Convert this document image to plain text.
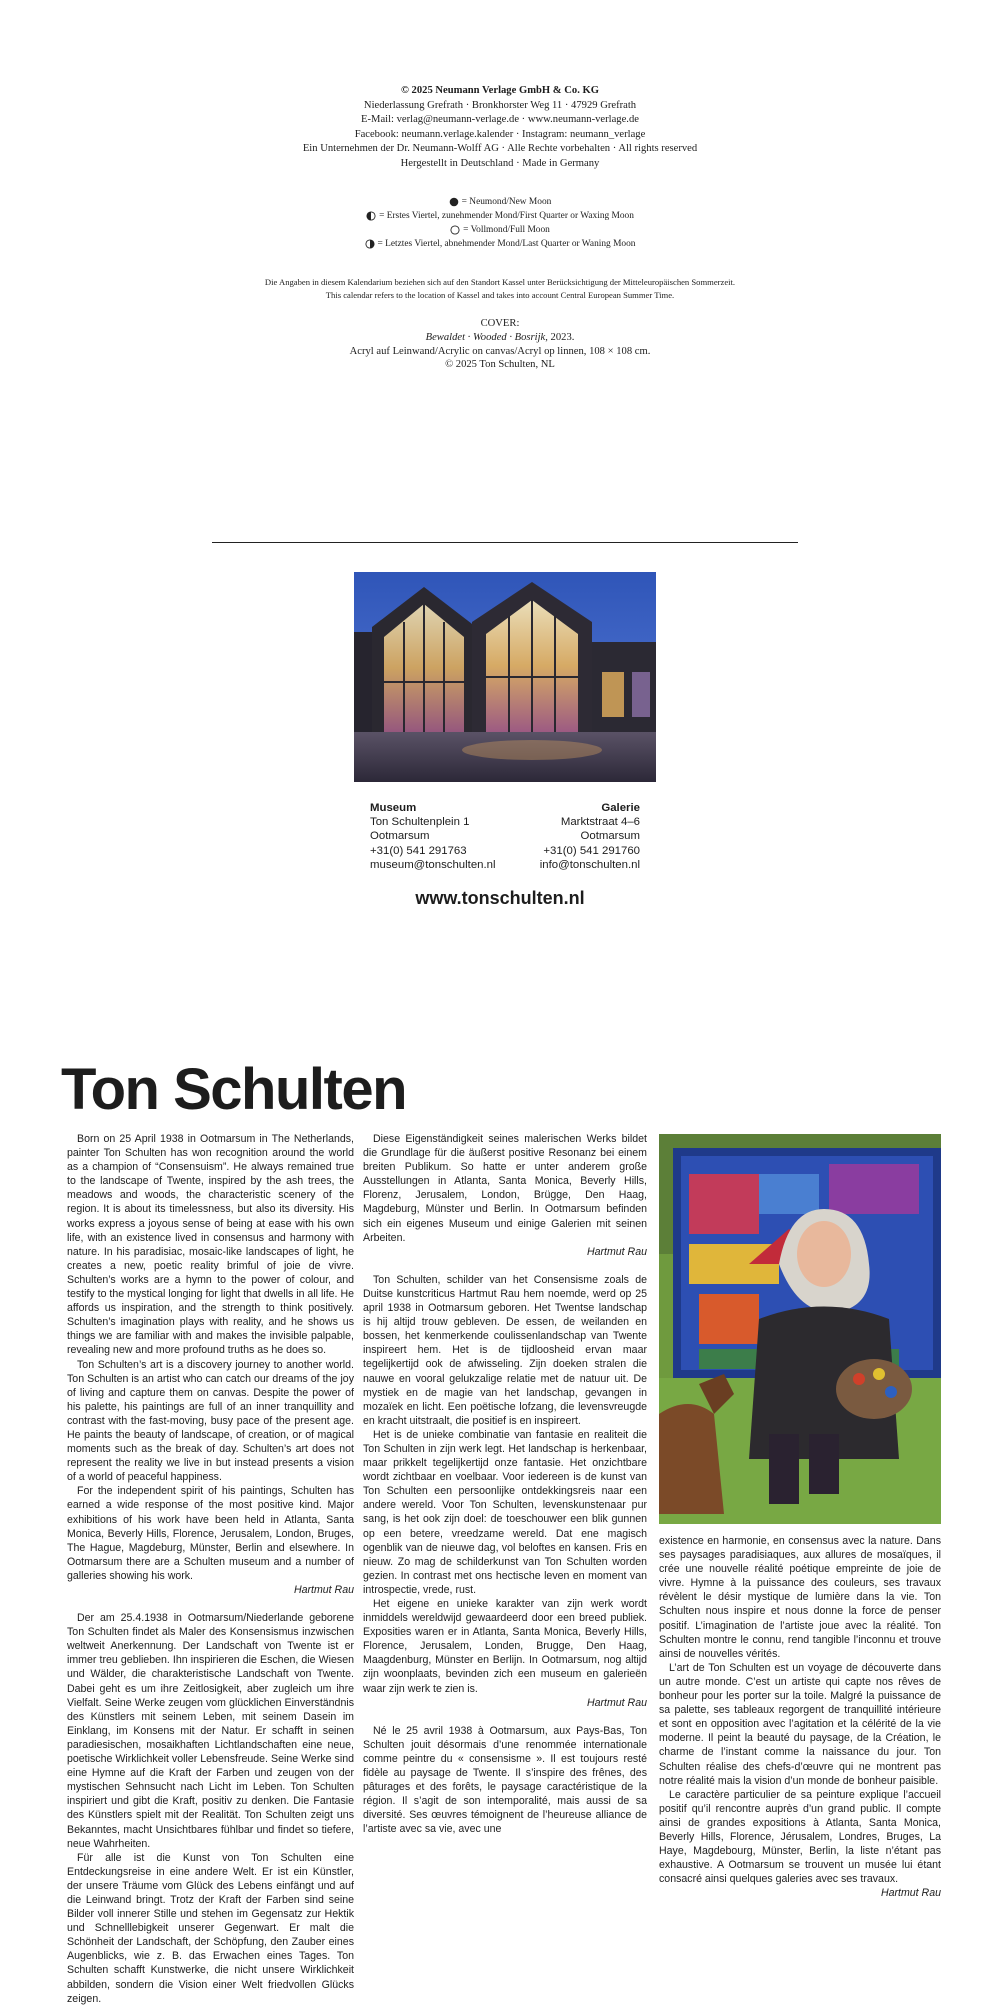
© 2025 Neumann Verlage GmbH & Co. KG
Niederlassung Grefrath · Bronkhorster Weg 11 · 47929 Grefrath
E-Mail: verlag@neumann-verlage.de · www.neumann-verlage.de
Facebook: neumann.verlage.kalender · Instagram: neumann_verlage
Ein Unternehmen der Dr. Neumann-Wolff AG · Alle Rechte vorbehalten · All rights reserved
Hergestellt in Deutschland · Made in Germany
= Neumond/New Moon
= Erstes Viertel, zunehmender Mond/First Quarter or Waxing Moon
= Vollmond/Full Moon
= Letztes Viertel, abnehmender Mond/Last Quarter or Waning Moon
Die Angaben in diesem Kalendarium beziehen sich auf den Standort Kassel unter Berücksichtigung der Mitteleuropäischen Sommerzeit.
This calendar refers to the location of Kassel and takes into account Central European Summer Time.
COVER:
Bewaldet · Wooded · Bosrijk, 2023.
Acryl auf Leinwand/Acrylic on canvas/Acryl op linnen, 108 × 108 cm.
© 2025 Ton Schulten, NL
Museum
Ton Schultenplein 1
Ootmarsum
+31(0) 541 291763
museum@tonschulten.nl
Galerie
Marktstraat 4–6
Ootmarsum
+31(0) 541 291760
info@tonschulten.nl
www.tonschulten.nl
Ton Schulten

Born on 25 April 1938 in Ootmarsum in The Netherlands, painter Ton Schulten has won recognition around the world as a champion of “Consensuism”. He always remained true to the landscape of Twente, inspired by the ash trees, the meadows and woods, the characteristic scenery of the region. It is about its timelessness, but also its diversity. His works express a joyous sense of being at ease with his own life, with an existence lived in consensus and harmony with nature. In his paradisiac, mosaic-like landscapes of light, he creates a new, poetic reality brimful of joie de vivre. Schulten’s works are a hymn to the power of colour, and testify to the mystical longing for light that dwells in all life. He affords us inspiration, and the strength to think positively. Schulten’s imagination plays with reality, and he shows us things we are familiar with and makes the invisible palpable, revealing new and more profound truths as he does so.

Ton Schulten’s art is a discovery journey to another world. Ton Schulten is an artist who can catch our dreams of the joy of living and capture them on canvas. Despite the power of his palette, his paintings are full of an inner tranquillity and contrast with the fast-moving, busy pace of the present age. He paints the beauty of landscape, of creation, or of magical moments such as the break of day. Schulten’s art does not represent the reality we live in but instead presents a vision of a world of peaceful happiness.

For the independent spirit of his paintings, Schulten has earned a wide response of the most positive kind. Major exhibitions of his work have been held in Atlanta, Santa Monica, Beverly Hills, Florence, Jerusalem, London, Bruges, The Hague, Magdeburg, Münster, Berlin and elsewhere. In Ootmarsum there are a Schulten museum and a number of galleries showing his work.

Hartmut Rau

Der am 25.4.1938 in Ootmarsum/Niederlande geborene Ton Schulten findet als Maler des Konsensismus inzwischen weltweit Anerkennung. Der Landschaft von Twente ist er immer treu geblieben. Ihn inspirieren die Eschen, die Wiesen und Wälder, die charakteristische Landschaft von Twente. Dabei geht es um ihre Zeitlosigkeit, aber zugleich um ihre Vielfalt. Seine Werke zeugen vom glücklichen Einverständnis des Künstlers mit seinem Leben, mit seinem Dasein im Einklang, im Konsens mit der Natur. Er schafft in seinen paradiesischen, mosaikhaften Lichtlandschaften eine neue, poetische Wirklichkeit voller Lebensfreude. Seine Werke sind eine Hymne auf die Kraft der Farben und zeugen von der mystischen Sehnsucht nach Licht im Leben. Ton Schulten inspiriert und gibt die Kraft, positiv zu denken. Die Fantasie des Künstlers spielt mit der Realität. Ton Schulten zeigt uns Bekanntes, macht Unsichtbares fühlbar und findet so tiefere, neue Wahrheiten.

Für alle ist die Kunst von Ton Schulten eine Entdeckungsreise in eine andere Welt. Er ist ein Künstler, der unsere Träume vom Glück des Lebens einfängt und auf die Leinwand bringt. Trotz der Kraft der Farben sind seine Bilder voll innerer Stille und stehen im Gegensatz zur Hektik und Schnelllebigkeit unserer Gegenwart. Er malt die Schönheit der Landschaft, der Schöpfung, den Zauber eines Augenblicks, wie z. B. das Erwachen eines Tages. Ton Schulten schafft Kunstwerke, die nicht unsere Wirklichkeit abbilden, sondern die Vision einer Welt friedvollen Glücks zeigen.

Diese Eigenständigkeit seines malerischen Werks bildet die Grundlage für die äußerst positive Resonanz bei einem breiten Publikum. So hatte er unter anderem große Ausstellungen in Atlanta, Santa Monica, Beverly Hills, Florenz, Jerusalem, London, Brügge, Den Haag, Magdeburg, Münster und Berlin. In Ootmarsum befinden sich ein eigenes Museum und einige Galerien mit seinen Arbeiten.

Hartmut Rau

Ton Schulten, schilder van het Consensisme zoals de Duitse kunstcriticus Hartmut Rau hem noemde, werd op 25 april 1938 in Ootmarsum geboren. Het Twentse landschap is hij altijd trouw gebleven. De essen, de weilanden en bossen, het kenmerkende coulissenlandschap van Twente inspireert hem. Het is de tijdloosheid ervan maar tegelijkertijd ook de afwisseling. Zijn doeken stralen die nauwe en vooral gelukzalige relatie met de natuur uit. De mystiek en de magie van het landschap, gevangen in mozaïek en licht. Een poëtische lofzang, die levensvreugde en kracht uitstraalt, die positief is en inspireert.

Het is de unieke combinatie van fantasie en realiteit die Ton Schulten in zijn werk legt. Het landschap is herkenbaar, maar prikkelt tegelijkertijd onze fantasie. Het onzichtbare wordt zichtbaar en voelbaar. Voor iedereen is de kunst van Ton Schulten een persoonlijke ontdekkingsreis naar een andere wereld. Voor Ton Schulten, levenskunstenaar pur sang, is het ook zijn doel: de toeschouwer een blik gunnen op een betere, vreedzame wereld. Dat ene magisch ogenblik van de nieuwe dag, vol beloftes en kansen. Fris en nieuw. Zo mag de schilderkunst van Ton Schulten worden gezien. In contrast met ons hectische leven en moment van introspectie, vrede, rust.

Het eigene en unieke karakter van zijn werk wordt inmiddels wereldwijd gewaardeerd door een breed publiek. Exposities waren er in Atlanta, Santa Monica, Beverly Hills, Florence, Jerusalem, Londen, Brugge, Den Haag, Maagdenburg, Münster en Berlijn. In Ootmarsum, nog altijd zijn woonplaats, bevinden zich een museum en galerieën waar zijn werk te zien is.

Hartmut Rau

Né le 25 avril 1938 à Ootmarsum, aux Pays-Bas, Ton Schulten jouit désormais d’une renommée internationale comme peintre du « consensisme ». Il est toujours resté fidèle au paysage de Twente. Il s’inspire des frênes, des pâturages et des forêts, le paysage caractéristique de la région. Il s’agit de son intemporalité, mais aussi de sa diversité. Ses œuvres témoignent de l’heureuse alliance de l’artiste avec sa vie, avec une

existence en harmonie, en consensus avec la nature. Dans ses paysages paradisiaques, aux allures de mosaïques, il crée une nouvelle réalité poétique empreinte de joie de vivre. Hymne à la puissance des couleurs, ses travaux révèlent le désir mystique de lumière dans la vie. Ton Schulten nous inspire et nous donne la force de penser positif. L’imagination de l’artiste joue avec la réalité. Ton Schulten montre le connu, rend tangible l’inconnu et trouve ainsi de nouvelles vérités.

L’art de Ton Schulten est un voyage de découverte dans un autre monde. C’est un artiste qui capte nos rêves de bonheur pour les porter sur la toile. Malgré la puissance de sa palette, ses tableaux regorgent de tranquillité intérieure et sont en opposition avec l’agitation et la célérité de la vie moderne. Il peint la beauté du paysage, de la Création, le charme de l’instant comme la naissance du jour. Ton Schulten réalise des chefs-d’œuvre qui ne montrent pas notre réalité mais la vision d’un monde de bonheur paisible.

Le caractère particulier de sa peinture explique l’accueil positif qu’il rencontre auprès d’un grand public. Il compte ainsi de grandes expositions à Atlanta, Santa Monica, Beverly Hills, Florence, Jérusalem, Londres, Bruges, La Haye, Magdebourg, Münster, Berlin, la liste n’étant pas exhaustive. A Ootmarsum se trouvent un musée lui étant consacré ainsi quelques galeries avec ses travaux.

Hartmut Rau
